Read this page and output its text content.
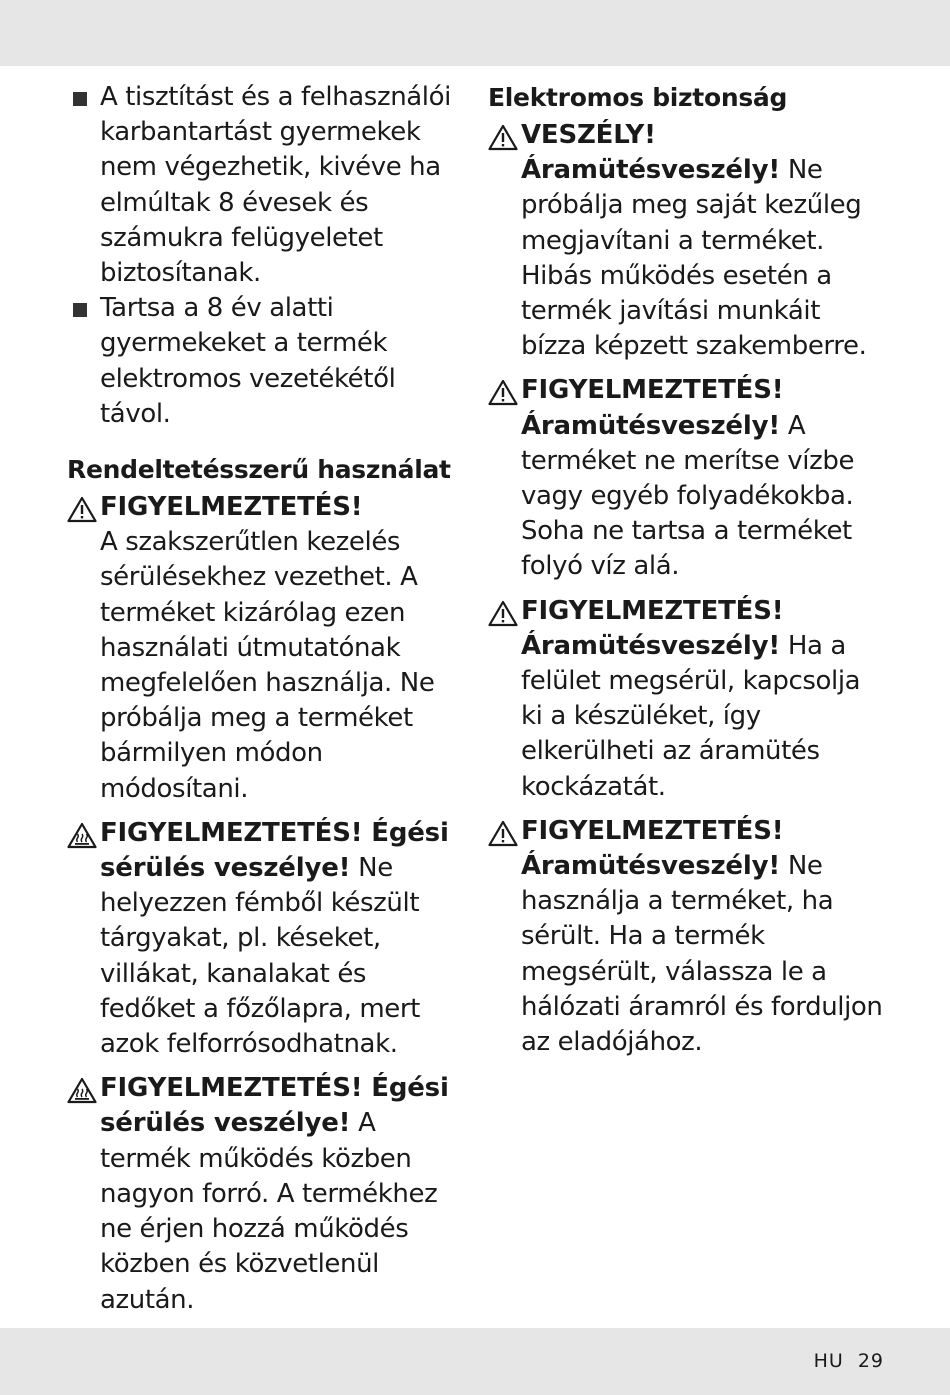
A tisztítást és a felhasználói karbantartást gyermekek nem végezhetik, kivéve ha elmúltak 8 évesek és számukra felügyeletet biztosítanak.
Tartsa a 8 év alatti gyermekeket a termék elektromos vezetékétől távol.
Rendeltetésszerű használat
FIGYELMEZTETÉS!
A szakszerűtlen kezelés sérülésekhez vezethet. A terméket kizárólag ezen használati útmutatónak megfelelően használja. Ne próbálja meg a terméket bármilyen módon módosítani.
FIGYELMEZTETÉS! Égési sérülés veszélye! Ne helyezzen fémből készült tárgyakat, pl. késeket, villákat, kanalakat és fedőket a főzőlapra, mert azok felforrósodhatnak.
FIGYELMEZTETÉS! Égési sérülés veszélye! A termék működés közben nagyon forró. A termékhez ne érjen hozzá működés közben és közvetlenül azután.
Elektromos biztonság
VESZÉLY!
Áramütésveszély! Ne próbálja meg saját kezűleg megjavítani a terméket. Hibás működés esetén a termék javítási munkáit bízza képzett szakemberre.
FIGYELMEZTETÉS!
Áramütésveszély! A terméket ne merítse vízbe vagy egyéb folyadékokba. Soha ne tartsa a terméket folyó víz alá.
FIGYELMEZTETÉS!
Áramütésveszély! Ha a felület megsérül, kapcsolja ki a készüléket, így elkerülheti az áramütés kockázatát.
FIGYELMEZTETÉS!
Áramütésveszély! Ne használja a terméket, ha sérült. Ha a termék megsérült, válassza le a hálózati áramról és forduljon az eladójához.
HU 29
